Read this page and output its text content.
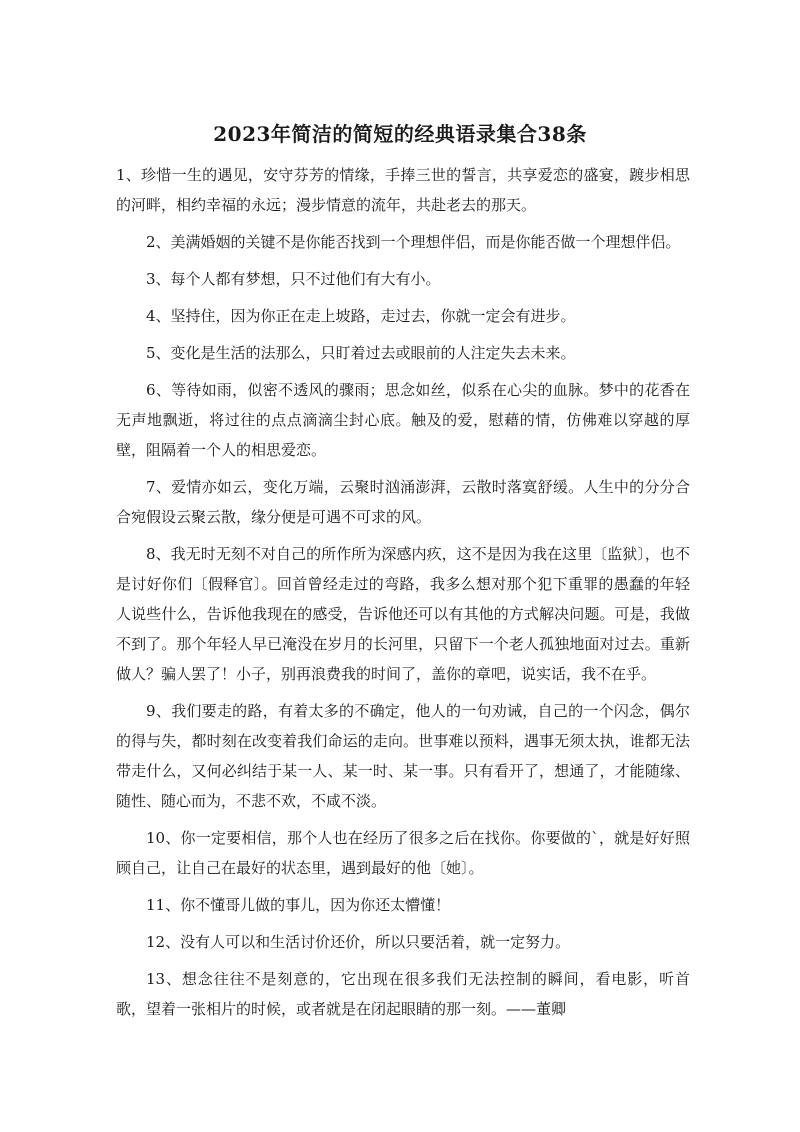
2023年简洁的简短的经典语录集合38条

1、珍惜一生的遇见，安守芬芳的情缘，手捧三世的誓言，共享爱恋的盛宴，踱步相思的河畔，相约幸福的永远；漫步情意的流年，共赴老去的那天。

2、美满婚姻的关键不是你能否找到一个理想伴侣，而是你能否做一个理想伴侣。

3、每个人都有梦想，只不过他们有大有小。

4、坚持住，因为你正在走上坡路，走过去，你就一定会有进步。

5、变化是生活的法那么，只盯着过去或眼前的人注定失去未来。

6、等待如雨，似密不透风的骤雨；思念如丝，似系在心尖的血脉。梦中的花香在无声地飘逝，将过往的点点滴滴尘封心底。触及的爱，慰藉的情，仿佛难以穿越的厚壁，阻隔着一个人的相思爱恋。

7、爱情亦如云，变化万端，云聚时汹涌澎湃，云散时落寞舒缓。人生中的分分合合宛假设云聚云散，缘分便是可遇不可求的风。

8、我无时无刻不对自己的所作所为深感内疚，这不是因为我在这里〔监狱〕，也不是讨好你们〔假释官〕。回首曾经走过的弯路，我多么想对那个犯下重罪的愚蠢的年轻人说些什么，告诉他我现在的感受，告诉他还可以有其他的方式解决问题。可是，我做不到了。那个年轻人早已淹没在岁月的长河里，只留下一个老人孤独地面对过去。重新做人？骗人罢了！小子，别再浪费我的时间了，盖你的章吧，说实话，我不在乎。

9、我们要走的路，有着太多的不确定，他人的一句劝诫，自己的一个闪念，偶尔的得与失，都时刻在改变着我们命运的走向。世事难以预料，遇事无须太执，谁都无法带走什么，又何必纠结于某一人、某一时、某一事。只有看开了，想通了，才能随缘、随性、随心而为，不悲不欢，不咸不淡。

10、你一定要相信，那个人也在经历了很多之后在找你。你要做的`，就是好好照顾自己，让自己在最好的状态里，遇到最好的他〔她〕。

11、你不懂哥儿做的事儿，因为你还太懵懂！

12、没有人可以和生活讨价还价，所以只要活着，就一定努力。

13、想念往往不是刻意的，它出现在很多我们无法控制的瞬间，看电影，听首歌，望着一张相片的时候，或者就是在闭起眼睛的那一刻。——董卿
